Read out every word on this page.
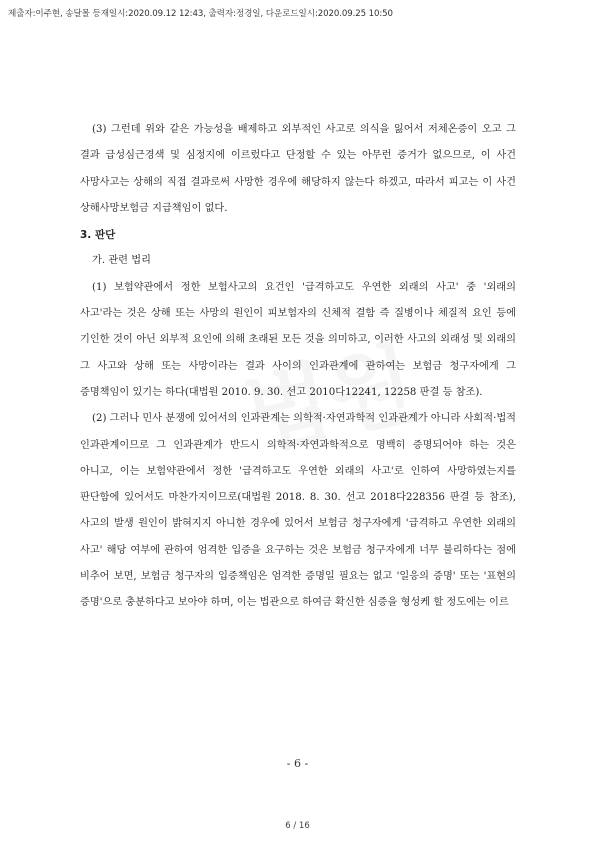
제출자:이주현, 송달몰 등재일시:2020.09.12 12:43, 출력자:정경일, 다운로드일시:2020.09.25 10:50

(3) 그런데 위와 같은 가능성을 배제하고 외부적인 사고로 의식을 잃어서 저체온증이 오고 그 결과 급성심근경색 및 심정지에 이르렀다고 단정할 수 있는 아무런 증거가 없으므로, 이 사건 사망사고는 상해의 직접 결과로써 사망한 경우에 해당하지 않는다 하겠고, 따라서 피고는 이 사건 상해사망보험금 지급책임이 없다.

3. 판단

가. 관련 법리

(1) 보험약관에서 정한 보험사고의 요건인 '급격하고도 우연한 외래의 사고' 중 '외래의 사고'라는 것은 상해 또는 사망의 원인이 피보험자의 신체적 결함 즉 질병이나 체질적 요인 등에 기인한 것이 아닌 외부적 요인에 의해 초래된 모든 것을 의미하고, 이러한 사고의 외래성 및 외래의 그 사고와 상해 또는 사망이라는 결과 사이의 인과관계에 관하여는 보험금 청구자에게 그 증명책임이 있기는 하다(대법원 2010. 9. 30. 선고 2010다12241, 12258 판결 등 참조).

(2) 그러나 민사 분쟁에 있어서의 인과관계는 의학적·자연과학적 인과관계가 아니라 사회적·법적 인과관계이므로 그 인과관계가 반드시 의학적·자연과학적으로 명백히 증명되어야 하는 것은 아니고, 이는 보험약관에서 정한 '급격하고도 우연한 외래의 사고'로 인하여 사망하였는지를 판단함에 있어서도 마찬가지이므로(대법원 2018. 8. 30. 선고 2018다228356 판결 등 참조), 사고의 발생 원인이 밝혀지지 아니한 경우에 있어서 보험금 청구자에게 '급격하고 우연한 외래의 사고' 해당 여부에 관하여 엄격한 입증을 요구하는 것은 보험금 청구자에게 너무 불리하다는 점에 비추어 보면, 보험금 청구자의 입증책임은 엄격한 증명일 필요는 없고 '일응의 증명' 또는 '표현의 증명'으로 충분하다고 보아야 하며, 이는 법관으로 하여금 확신한 심증을 형성케 할 정도에는 이르

- 6 -
6 / 16
